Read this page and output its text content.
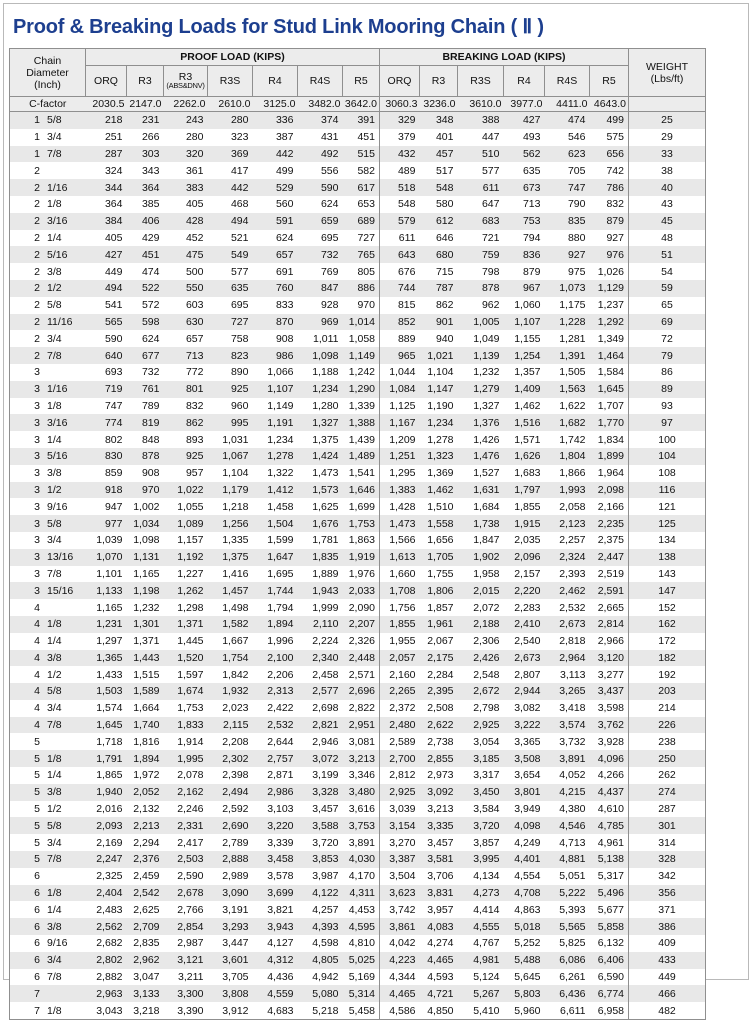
Proof & Breaking Loads for Stud Link Mooring Chain ( Ⅱ )
Chain
Diameter
(Inch)	PROOF LOAD (KIPS)							BREAKING LOAD (KIPS)						WEIGHT
(Lbs/ft)
	ORQ	R3	R3
(ABS&DNV)	R3S	R4	R4S	R5	ORQ	R3	R3S	R4	R4S	R5	
C-factor	2030.5	2147.0	2262.0	2610.0	3125.0	3482.0	3642.0	3060.3	3236.0	3610.0	3977.0	4411.0	4643.0	
1 5/8	218	231	243	280	336	374	391	329	348	388	427	474	499	25
1 3/4	251	266	280	323	387	431	451	379	401	447	493	546	575	29
1 7/8	287	303	320	369	442	492	515	432	457	510	562	623	656	33
2	324	343	361	417	499	556	582	489	517	577	635	705	742	38
2 1/16	344	364	383	442	529	590	617	518	548	611	673	747	786	40
2 1/8	364	385	405	468	560	624	653	548	580	647	713	790	832	43
2 3/16	384	406	428	494	591	659	689	579	612	683	753	835	879	45
2 1/4	405	429	452	521	624	695	727	611	646	721	794	880	927	48
2 5/16	427	451	475	549	657	732	765	643	680	759	836	927	976	51
2 3/8	449	474	500	577	691	769	805	676	715	798	879	975	1,026	54
2 1/2	494	522	550	635	760	847	886	744	787	878	967	1,073	1,129	59
2 5/8	541	572	603	695	833	928	970	815	862	962	1,060	1,175	1,237	65
2 11/16	565	598	630	727	870	969	1,014	852	901	1,005	1,107	1,228	1,292	69
2 3/4	590	624	657	758	908	1,011	1,058	889	940	1,049	1,155	1,281	1,349	72
2 7/8	640	677	713	823	986	1,098	1,149	965	1,021	1,139	1,254	1,391	1,464	79
3	693	732	772	890	1,066	1,188	1,242	1,044	1,104	1,232	1,357	1,505	1,584	86
3 1/16	719	761	801	925	1,107	1,234	1,290	1,084	1,147	1,279	1,409	1,563	1,645	89
3 1/8	747	789	832	960	1,149	1,280	1,339	1,125	1,190	1,327	1,462	1,622	1,707	93
3 3/16	774	819	862	995	1,191	1,327	1,388	1,167	1,234	1,376	1,516	1,682	1,770	97
3 1/4	802	848	893	1,031	1,234	1,375	1,439	1,209	1,278	1,426	1,571	1,742	1,834	100
3 5/16	830	878	925	1,067	1,278	1,424	1,489	1,251	1,323	1,476	1,626	1,804	1,899	104
3 3/8	859	908	957	1,104	1,322	1,473	1,541	1,295	1,369	1,527	1,683	1,866	1,964	108
3 1/2	918	970	1,022	1,179	1,412	1,573	1,646	1,383	1,462	1,631	1,797	1,993	2,098	116
3 9/16	947	1,002	1,055	1,218	1,458	1,625	1,699	1,428	1,510	1,684	1,855	2,058	2,166	121
3 5/8	977	1,034	1,089	1,256	1,504	1,676	1,753	1,473	1,558	1,738	1,915	2,123	2,235	125
3 3/4	1,039	1,098	1,157	1,335	1,599	1,781	1,863	1,566	1,656	1,847	2,035	2,257	2,375	134
3 13/16	1,070	1,131	1,192	1,375	1,647	1,835	1,919	1,613	1,705	1,902	2,096	2,324	2,447	138
3 7/8	1,101	1,165	1,227	1,416	1,695	1,889	1,976	1,660	1,755	1,958	2,157	2,393	2,519	143
3 15/16	1,133	1,198	1,262	1,457	1,744	1,943	2,033	1,708	1,806	2,015	2,220	2,462	2,591	147
4	1,165	1,232	1,298	1,498	1,794	1,999	2,090	1,756	1,857	2,072	2,283	2,532	2,665	152
4 1/8	1,231	1,301	1,371	1,582	1,894	2,110	2,207	1,855	1,961	2,188	2,410	2,673	2,814	162
4 1/4	1,297	1,371	1,445	1,667	1,996	2,224	2,326	1,955	2,067	2,306	2,540	2,818	2,966	172
4 3/8	1,365	1,443	1,520	1,754	2,100	2,340	2,448	2,057	2,175	2,426	2,673	2,964	3,120	182
4 1/2	1,433	1,515	1,597	1,842	2,206	2,458	2,571	2,160	2,284	2,548	2,807	3,113	3,277	192
4 5/8	1,503	1,589	1,674	1,932	2,313	2,577	2,696	2,265	2,395	2,672	2,944	3,265	3,437	203
4 3/4	1,574	1,664	1,753	2,023	2,422	2,698	2,822	2,372	2,508	2,798	3,082	3,418	3,598	214
4 7/8	1,645	1,740	1,833	2,115	2,532	2,821	2,951	2,480	2,622	2,925	3,222	3,574	3,762	226
5	1,718	1,816	1,914	2,208	2,644	2,946	3,081	2,589	2,738	3,054	3,365	3,732	3,928	238
5 1/8	1,791	1,894	1,995	2,302	2,757	3,072	3,213	2,700	2,855	3,185	3,508	3,891	4,096	250
5 1/4	1,865	1,972	2,078	2,398	2,871	3,199	3,346	2,812	2,973	3,317	3,654	4,052	4,266	262
5 3/8	1,940	2,052	2,162	2,494	2,986	3,328	3,480	2,925	3,092	3,450	3,801	4,215	4,437	274
5 1/2	2,016	2,132	2,246	2,592	3,103	3,457	3,616	3,039	3,213	3,584	3,949	4,380	4,610	287
5 5/8	2,093	2,213	2,331	2,690	3,220	3,588	3,753	3,154	3,335	3,720	4,098	4,546	4,785	301
5 3/4	2,169	2,294	2,417	2,789	3,339	3,720	3,891	3,270	3,457	3,857	4,249	4,713	4,961	314
5 7/8	2,247	2,376	2,503	2,888	3,458	3,853	4,030	3,387	3,581	3,995	4,401	4,881	5,138	328
6	2,325	2,459	2,590	2,989	3,578	3,987	4,170	3,504	3,706	4,134	4,554	5,051	5,317	342
6 1/8	2,404	2,542	2,678	3,090	3,699	4,122	4,311	3,623	3,831	4,273	4,708	5,222	5,496	356
6 1/4	2,483	2,625	2,766	3,191	3,821	4,257	4,453	3,742	3,957	4,414	4,863	5,393	5,677	371
6 3/8	2,562	2,709	2,854	3,293	3,943	4,393	4,595	3,861	4,083	4,555	5,018	5,565	5,858	386
6 9/16	2,682	2,835	2,987	3,447	4,127	4,598	4,810	4,042	4,274	4,767	5,252	5,825	6,132	409
6 3/4	2,802	2,962	3,121	3,601	4,312	4,805	5,025	4,223	4,465	4,981	5,488	6,086	6,406	433
6 7/8	2,882	3,047	3,211	3,705	4,436	4,942	5,169	4,344	4,593	5,124	5,645	6,261	6,590	449
7	2,963	3,133	3,300	3,808	4,559	5,080	5,314	4,465	4,721	5,267	5,803	6,436	6,774	466
7 1/8	3,043	3,218	3,390	3,912	4,683	5,218	5,458	4,586	4,850	5,410	5,960	6,611	6,958	482
